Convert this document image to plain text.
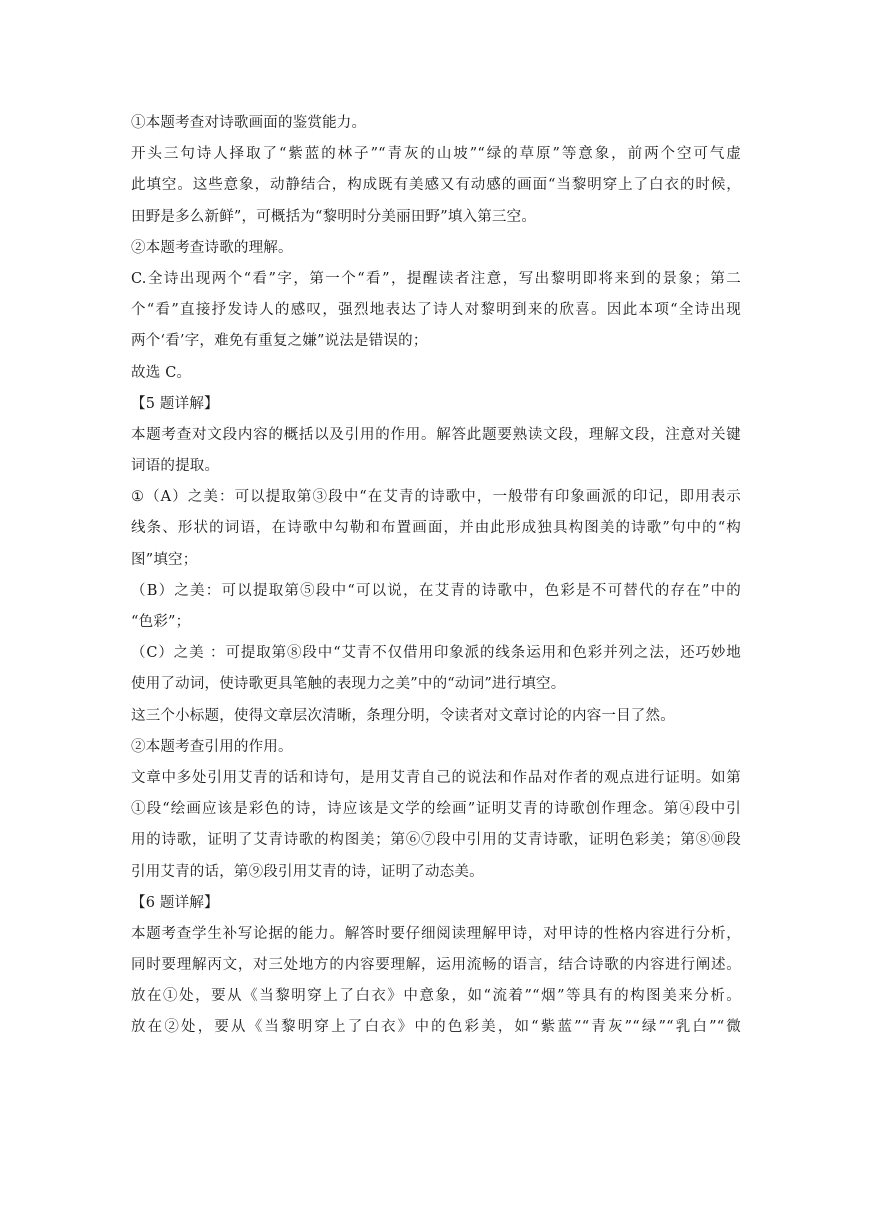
①本题考查对诗歌画面的鉴赏能力。
开头三句诗人择取了“紫蓝的林子”“青灰的山坡”“绿的草原”等意象，前两个空可气虚
此填空。这些意象，动静结合，构成既有美感又有动感的画面“当黎明穿上了白衣的时候，
田野是多么新鲜”，可概括为“黎明时分美丽田野”填入第三空。
②本题考查诗歌的理解。
C.全诗出现两个“看”字，第一个“看”，提醒读者注意，写出黎明即将来到的景象；第二
个“看”直接抒发诗人的感叹，强烈地表达了诗人对黎明到来的欣喜。因此本项“全诗出现
两个‘看’字，难免有重复之嫌”说法是错误的；
故选 C。
【5 题详解】
本题考查对文段内容的概括以及引用的作用。解答此题要熟读文段，理解文段，注意对关键
词语的提取。
①（A）之美：可以提取第③段中“在艾青的诗歌中，一般带有印象画派的印记，即用表示
线条、形状的词语，在诗歌中勾勒和布置画面，并由此形成独具构图美的诗歌”句中的“构
图”填空；
（B）之美：可以提取第⑤段中“可以说，在艾青的诗歌中，色彩是不可替代的存在”中的
“色彩”；
（C）之美 ：可提取第⑧段中“艾青不仅借用印象派的线条运用和色彩并列之法，还巧妙地
使用了动词，使诗歌更具笔触的表现力之美”中的“动词”进行填空。
这三个小标题，使得文章层次清晰，条理分明，令读者对文章讨论的内容一目了然。
②本题考查引用的作用。
文章中多处引用艾青的话和诗句，是用艾青自己的说法和作品对作者的观点进行证明。如第
①段“绘画应该是彩色的诗，诗应该是文学的绘画”证明艾青的诗歌创作理念。第④段中引
用的诗歌，证明了艾青诗歌的构图美；第⑥⑦段中引用的艾青诗歌，证明色彩美；第⑧⑩段
引用艾青的话，第⑨段引用艾青的诗，证明了动态美。
【6 题详解】
本题考查学生补写论据的能力。解答时要仔细阅读理解甲诗，对甲诗的性格内容进行分析，
同时要理解丙文，对三处地方的内容要理解，运用流畅的语言，结合诗歌的内容进行阐述。
放在①处，要从《当黎明穿上了白衣》中意象，如“流着”“烟”等具有的构图美来分析。
放在②处，要从《当黎明穿上了白衣》中的色彩美，如“紫蓝”“青灰”“绿”“乳白”“微
